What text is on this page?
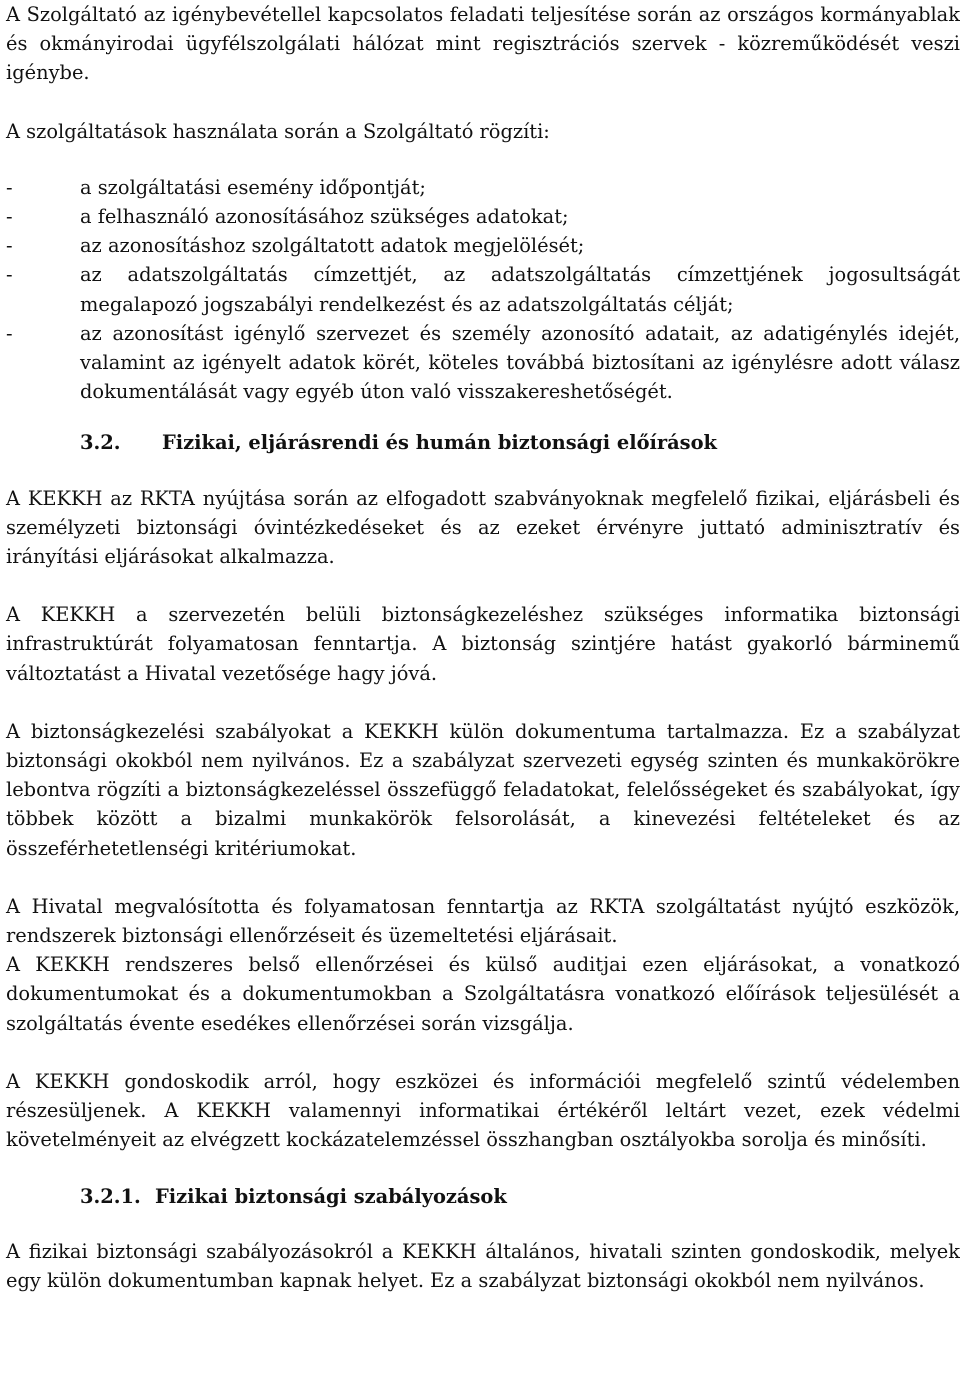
A Szolgáltató az igénybevétellel kapcsolatos feladati teljesítése során az országos kormányablak és okmányirodai ügyfélszolgálati hálózat mint regisztrációs szervek - közreműködését veszi igénybe.

A szolgáltatások használata során a Szolgáltató rögzíti:

-	a szolgáltatási esemény időpontját;
-	a felhasználó azonosításához szükséges adatokat;
-	az azonosításhoz szolgáltatott adatok megjelölését;
-	az adatszolgáltatás címzettjét, az adatszolgáltatás címzettjének jogosultságát megalapozó jogszabályi rendelkezést és az adatszolgáltatás célját;
-	az azonosítást igénylő szervezet és személy azonosító adatait, az adatigénylés idejét, valamint az igényelt adatok körét, köteles továbbá biztosítani az igénylésre adott válasz dokumentálását vagy egyéb úton való visszakereshetőségét.
3.2. Fizikai, eljárásrendi és humán biztonsági előírások

A KEKKH az RKTA nyújtása során az elfogadott szabványoknak megfelelő fizikai, eljárásbeli és személyzeti biztonsági óvintézkedéseket és az ezeket érvényre juttató adminisztratív és irányítási eljárásokat alkalmazza.

A KEKKH a szervezetén belüli biztonságkezeléshez szükséges informatika biztonsági infrastruktúrát folyamatosan fenntartja. A biztonság szintjére hatást gyakorló bárminemű változtatást a Hivatal vezetősége hagy jóvá.

A biztonságkezelési szabályokat a KEKKH külön dokumentuma tartalmazza. Ez a szabályzat biztonsági okokból nem nyilvános. Ez a szabályzat szervezeti egység szinten és munkakörökre lebontva rögzíti a biztonságkezeléssel összefüggő feladatokat, felelősségeket és szabályokat, így többek között a bizalmi munkakörök felsorolását, a kinevezési feltételeket és az összeférhetetlenségi kritériumokat.

A Hivatal megvalósította és folyamatosan fenntartja az RKTA szolgáltatást nyújtó eszközök, rendszerek biztonsági ellenőrzéseit és üzemeltetési eljárásait.

A KEKKH rendszeres belső ellenőrzései és külső auditjai ezen eljárásokat, a vonatkozó dokumentumokat és a dokumentumokban a Szolgáltatásra vonatkozó előírások teljesülését a szolgáltatás évente esedékes ellenőrzései során vizsgálja.

A KEKKH gondoskodik arról, hogy eszközei és információi megfelelő szintű védelemben részesüljenek. A KEKKH valamennyi informatikai értékéről leltárt vezet, ezek védelmi követelményeit az elvégzett kockázatelemzéssel összhangban osztályokba sorolja és minősíti.

3.2.1. Fizikai biztonsági szabályozások

A fizikai biztonsági szabályozásokról a KEKKH általános, hivatali szinten gondoskodik, melyek egy külön dokumentumban kapnak helyet. Ez a szabályzat biztonsági okokból nem nyilvános.
